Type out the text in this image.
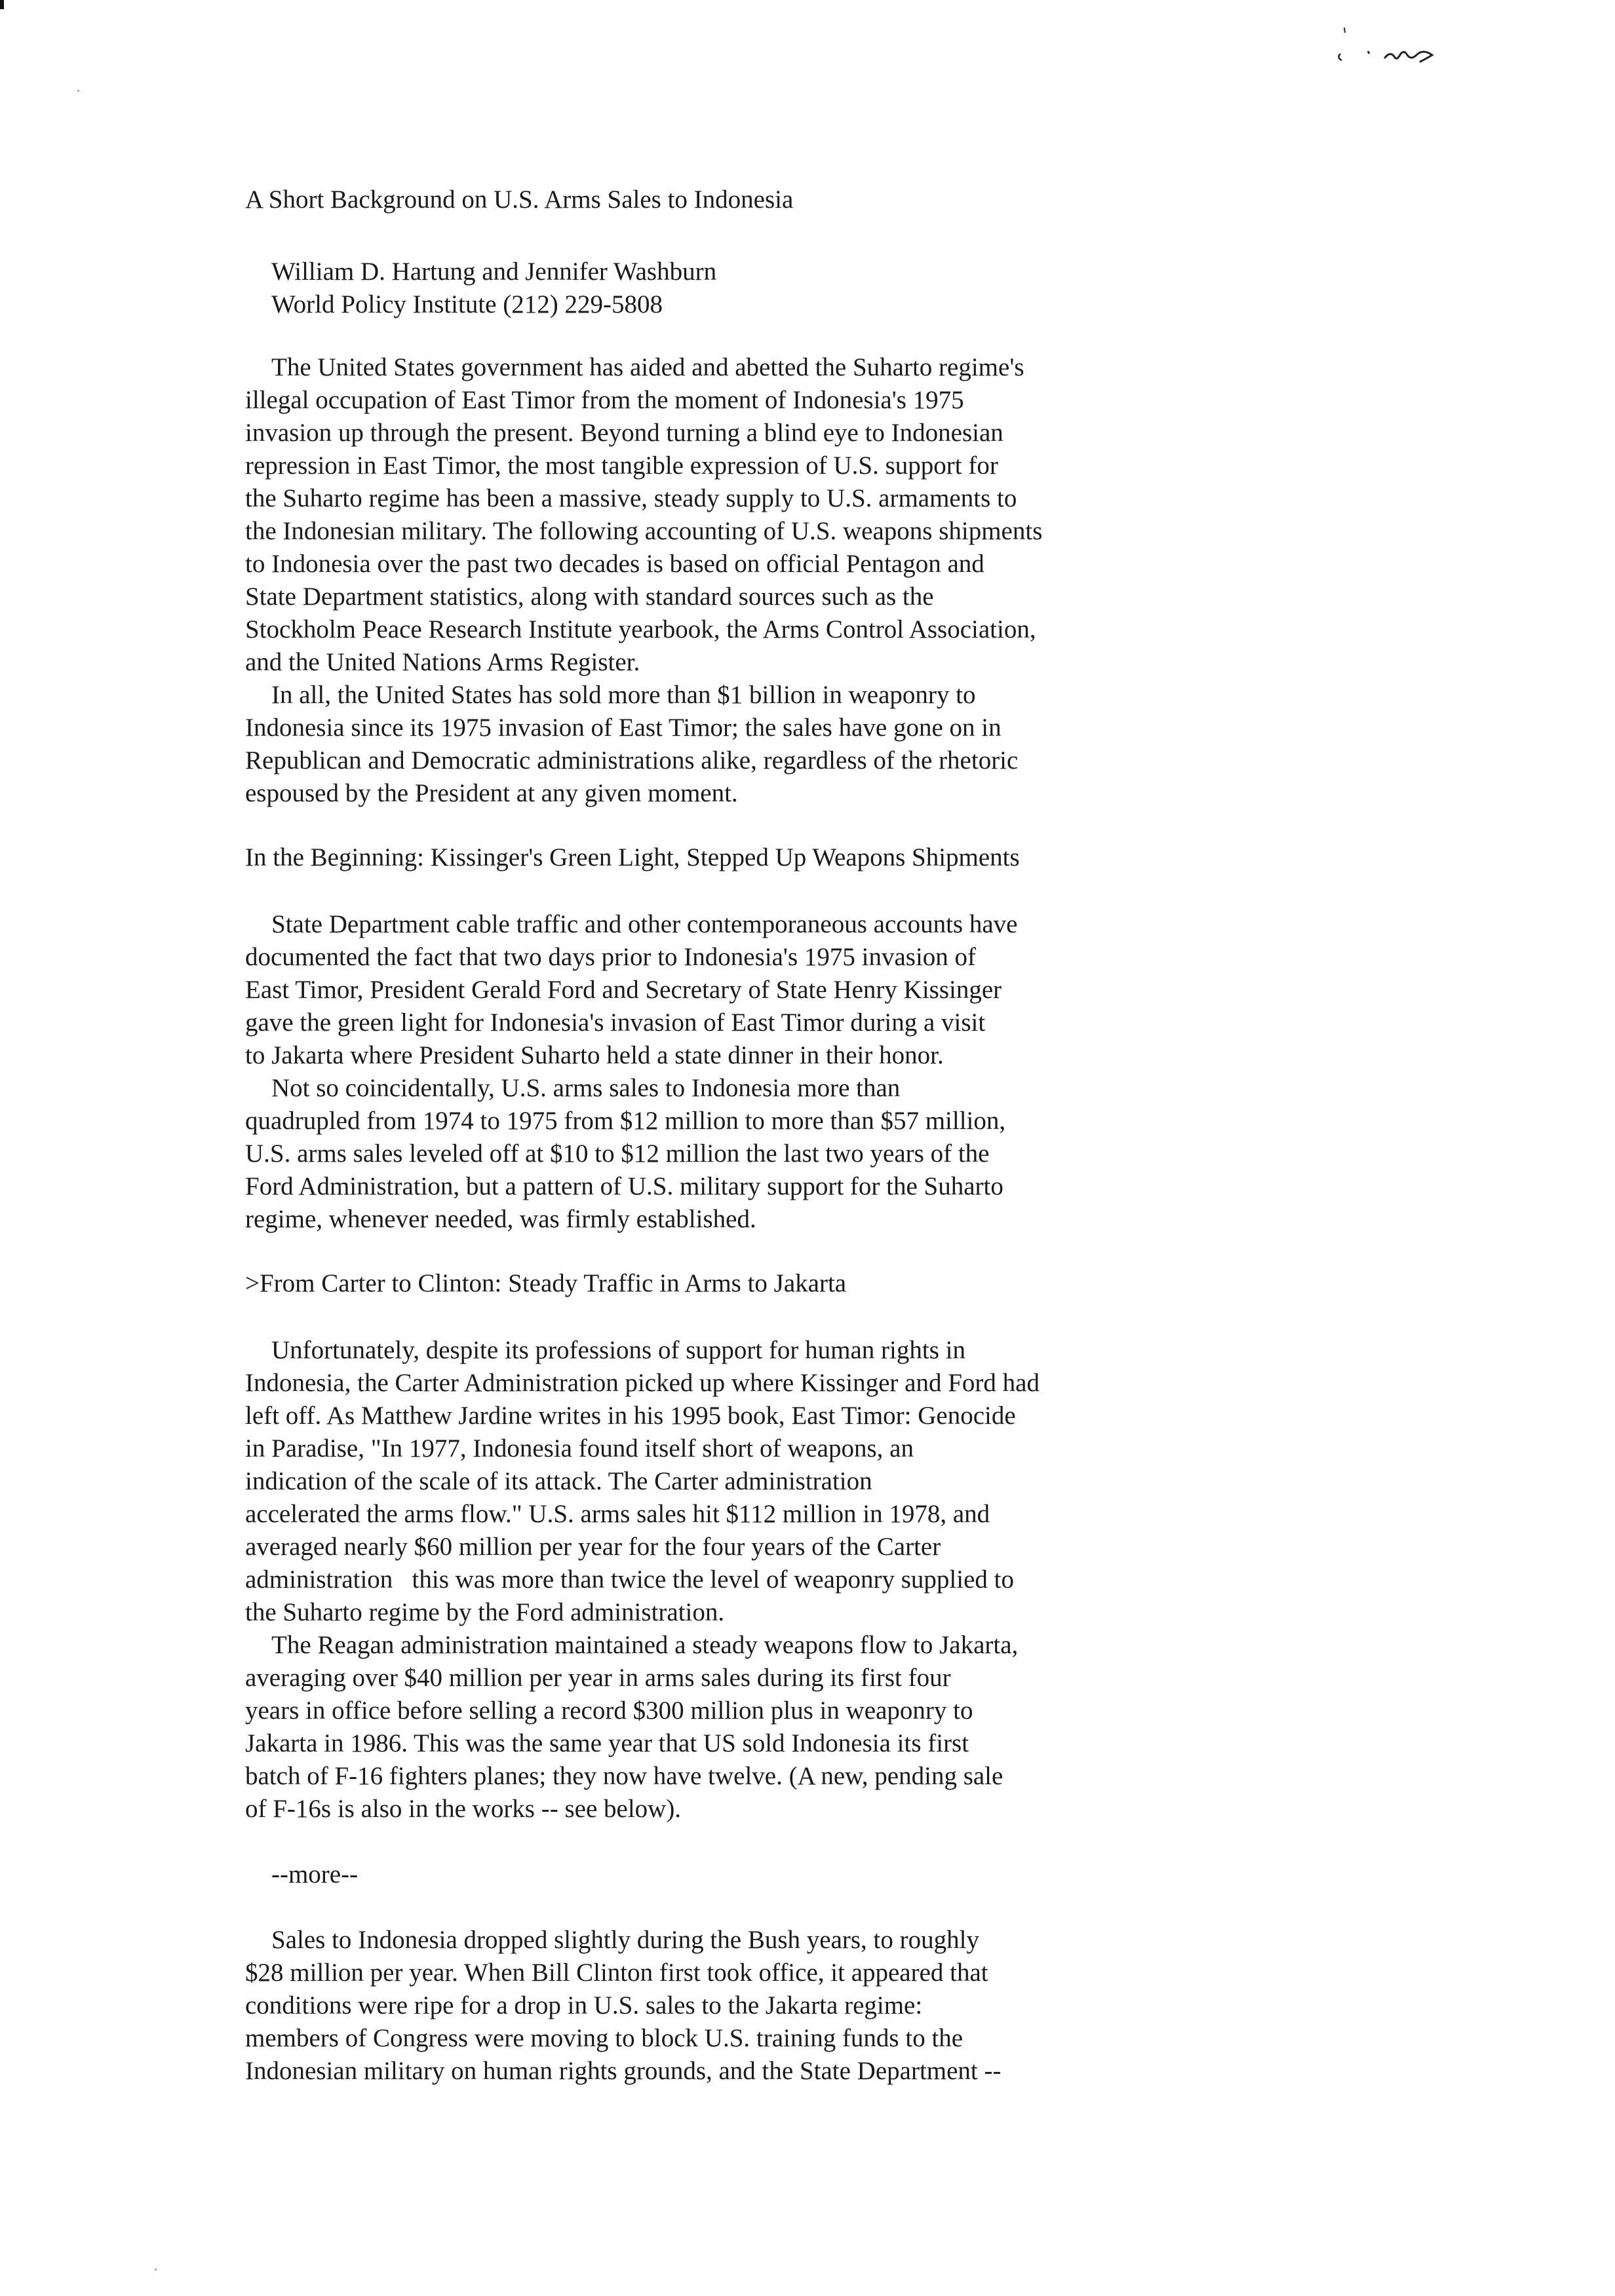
A Short Background on U.S. Arms Sales to Indonesia

William D. Hartung and Jennifer Washburn

World Policy Institute (212) 229-5808

The United States government has aided and abetted the Suharto regime's

illegal occupation of East Timor from the moment of Indonesia's 1975

invasion up through the present. Beyond turning a blind eye to Indonesian

repression in East Timor, the most tangible expression of U.S. support for

the Suharto regime has been a massive, steady supply to U.S. armaments to

the Indonesian military. The following accounting of U.S. weapons shipments

to Indonesia over the past two decades is based on official Pentagon and

State Department statistics, along with standard sources such as the

Stockholm Peace Research Institute yearbook, the Arms Control Association,

and the United Nations Arms Register.

In all, the United States has sold more than $1 billion in weaponry to

Indonesia since its 1975 invasion of East Timor; the sales have gone on in

Republican and Democratic administrations alike, regardless of the rhetoric

espoused by the President at any given moment.

In the Beginning: Kissinger's Green Light, Stepped Up Weapons Shipments

State Department cable traffic and other contemporaneous accounts have

documented the fact that two days prior to Indonesia's 1975 invasion of

East Timor, President Gerald Ford and Secretary of State Henry Kissinger

gave the green light for Indonesia's invasion of East Timor during a visit

to Jakarta where President Suharto held a state dinner in their honor.

Not so coincidentally, U.S. arms sales to Indonesia more than

quadrupled from 1974 to 1975 from $12 million to more than $57 million,

U.S. arms sales leveled off at $10 to $12 million the last two years of the

Ford Administration, but a pattern of U.S. military support for the Suharto

regime, whenever needed, was firmly established.

>From Carter to Clinton: Steady Traffic in Arms to Jakarta

Unfortunately, despite its professions of support for human rights in

Indonesia, the Carter Administration picked up where Kissinger and Ford had

left off. As Matthew Jardine writes in his 1995 book, East Timor: Genocide

in Paradise, "In 1977, Indonesia found itself short of weapons, an

indication of the scale of its attack. The Carter administration

accelerated the arms flow." U.S. arms sales hit $112 million in 1978, and

averaged nearly $60 million per year for the four years of the Carter

administration   this was more than twice the level of weaponry supplied to

the Suharto regime by the Ford administration.

The Reagan administration maintained a steady weapons flow to Jakarta,

averaging over $40 million per year in arms sales during its first four

years in office before selling a record $300 million plus in weaponry to

Jakarta in 1986. This was the same year that US sold Indonesia its first

batch of F-16 fighters planes; they now have twelve. (A new, pending sale

of F-16s is also in the works -- see below).

--more--

Sales to Indonesia dropped slightly during the Bush years, to roughly

$28 million per year. When Bill Clinton first took office, it appeared that

conditions were ripe for a drop in U.S. sales to the Jakarta regime:

members of Congress were moving to block U.S. training funds to the

Indonesian military on human rights grounds, and the State Department --
